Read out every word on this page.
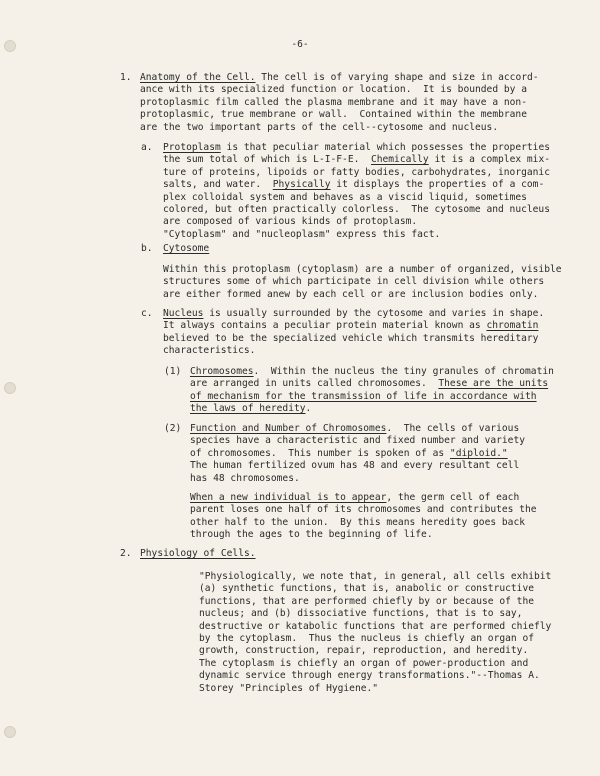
-6-
1. Anatomy of the Cell. The cell is of varying shape and size in accord-
ance with its specialized function or location.  It is bounded by a
protoplasmic film called the plasma membrane and it may have a non-
protoplasmic, true membrane or wall.  Contained within the membrane
are the two important parts of the cell--cytosome and nucleus.
a. Protoplasm is that peculiar material which possesses the properties
the sum total of which is L-I-F-E.  Chemically it is a complex mix-
ture of proteins, lipoids or fatty bodies, carbohydrates, inorganic
salts, and water.  Physically it displays the properties of a com-
plex colloidal system and behaves as a viscid liquid, sometimes
colored, but often practically colorless.  The cytosome and nucleus
are composed of various kinds of protoplasm.
"Cytoplasm" and "nucleoplasm" express this fact.
b. Cytosome
Within this protoplasm (cytoplasm) are a number of organized, visible
structures some of which participate in cell division while others
are either formed anew by each cell or are inclusion bodies only.
c. Nucleus is usually surrounded by the cytosome and varies in shape.
It always contains a peculiar protein material known as chromatin
believed to be the specialized vehicle which transmits hereditary
characteristics.
(1) Chromosomes.  Within the nucleus the tiny granules of chromatin
are arranged in units called chromosomes.  These are the units
of mechanism for the transmission of life in accordance with
the laws of heredity.
(2) Function and Number of Chromosomes.  The cells of various
species have a characteristic and fixed number and variety
of chromosomes.  This number is spoken of as "diploid."
The human fertilized ovum has 48 and every resultant cell
has 48 chromosomes.
When a new individual is to appear, the germ cell of each
parent loses one half of its chromosomes and contributes the
other half to the union.  By this means heredity goes back
through the ages to the beginning of life.
2. Physiology of Cells.
"Physiologically, we note that, in general, all cells exhibit
(a) synthetic functions, that is, anabolic or constructive
functions, that are performed chiefly by or because of the
nucleus; and (b) dissociative functions, that is to say,
destructive or katabolic functions that are performed chiefly
by the cytoplasm.  Thus the nucleus is chiefly an organ of
growth, construction, repair, reproduction, and heredity.
The cytoplasm is chiefly an organ of power-production and
dynamic service through energy transformations."--Thomas A.
Storey "Principles of Hygiene."
